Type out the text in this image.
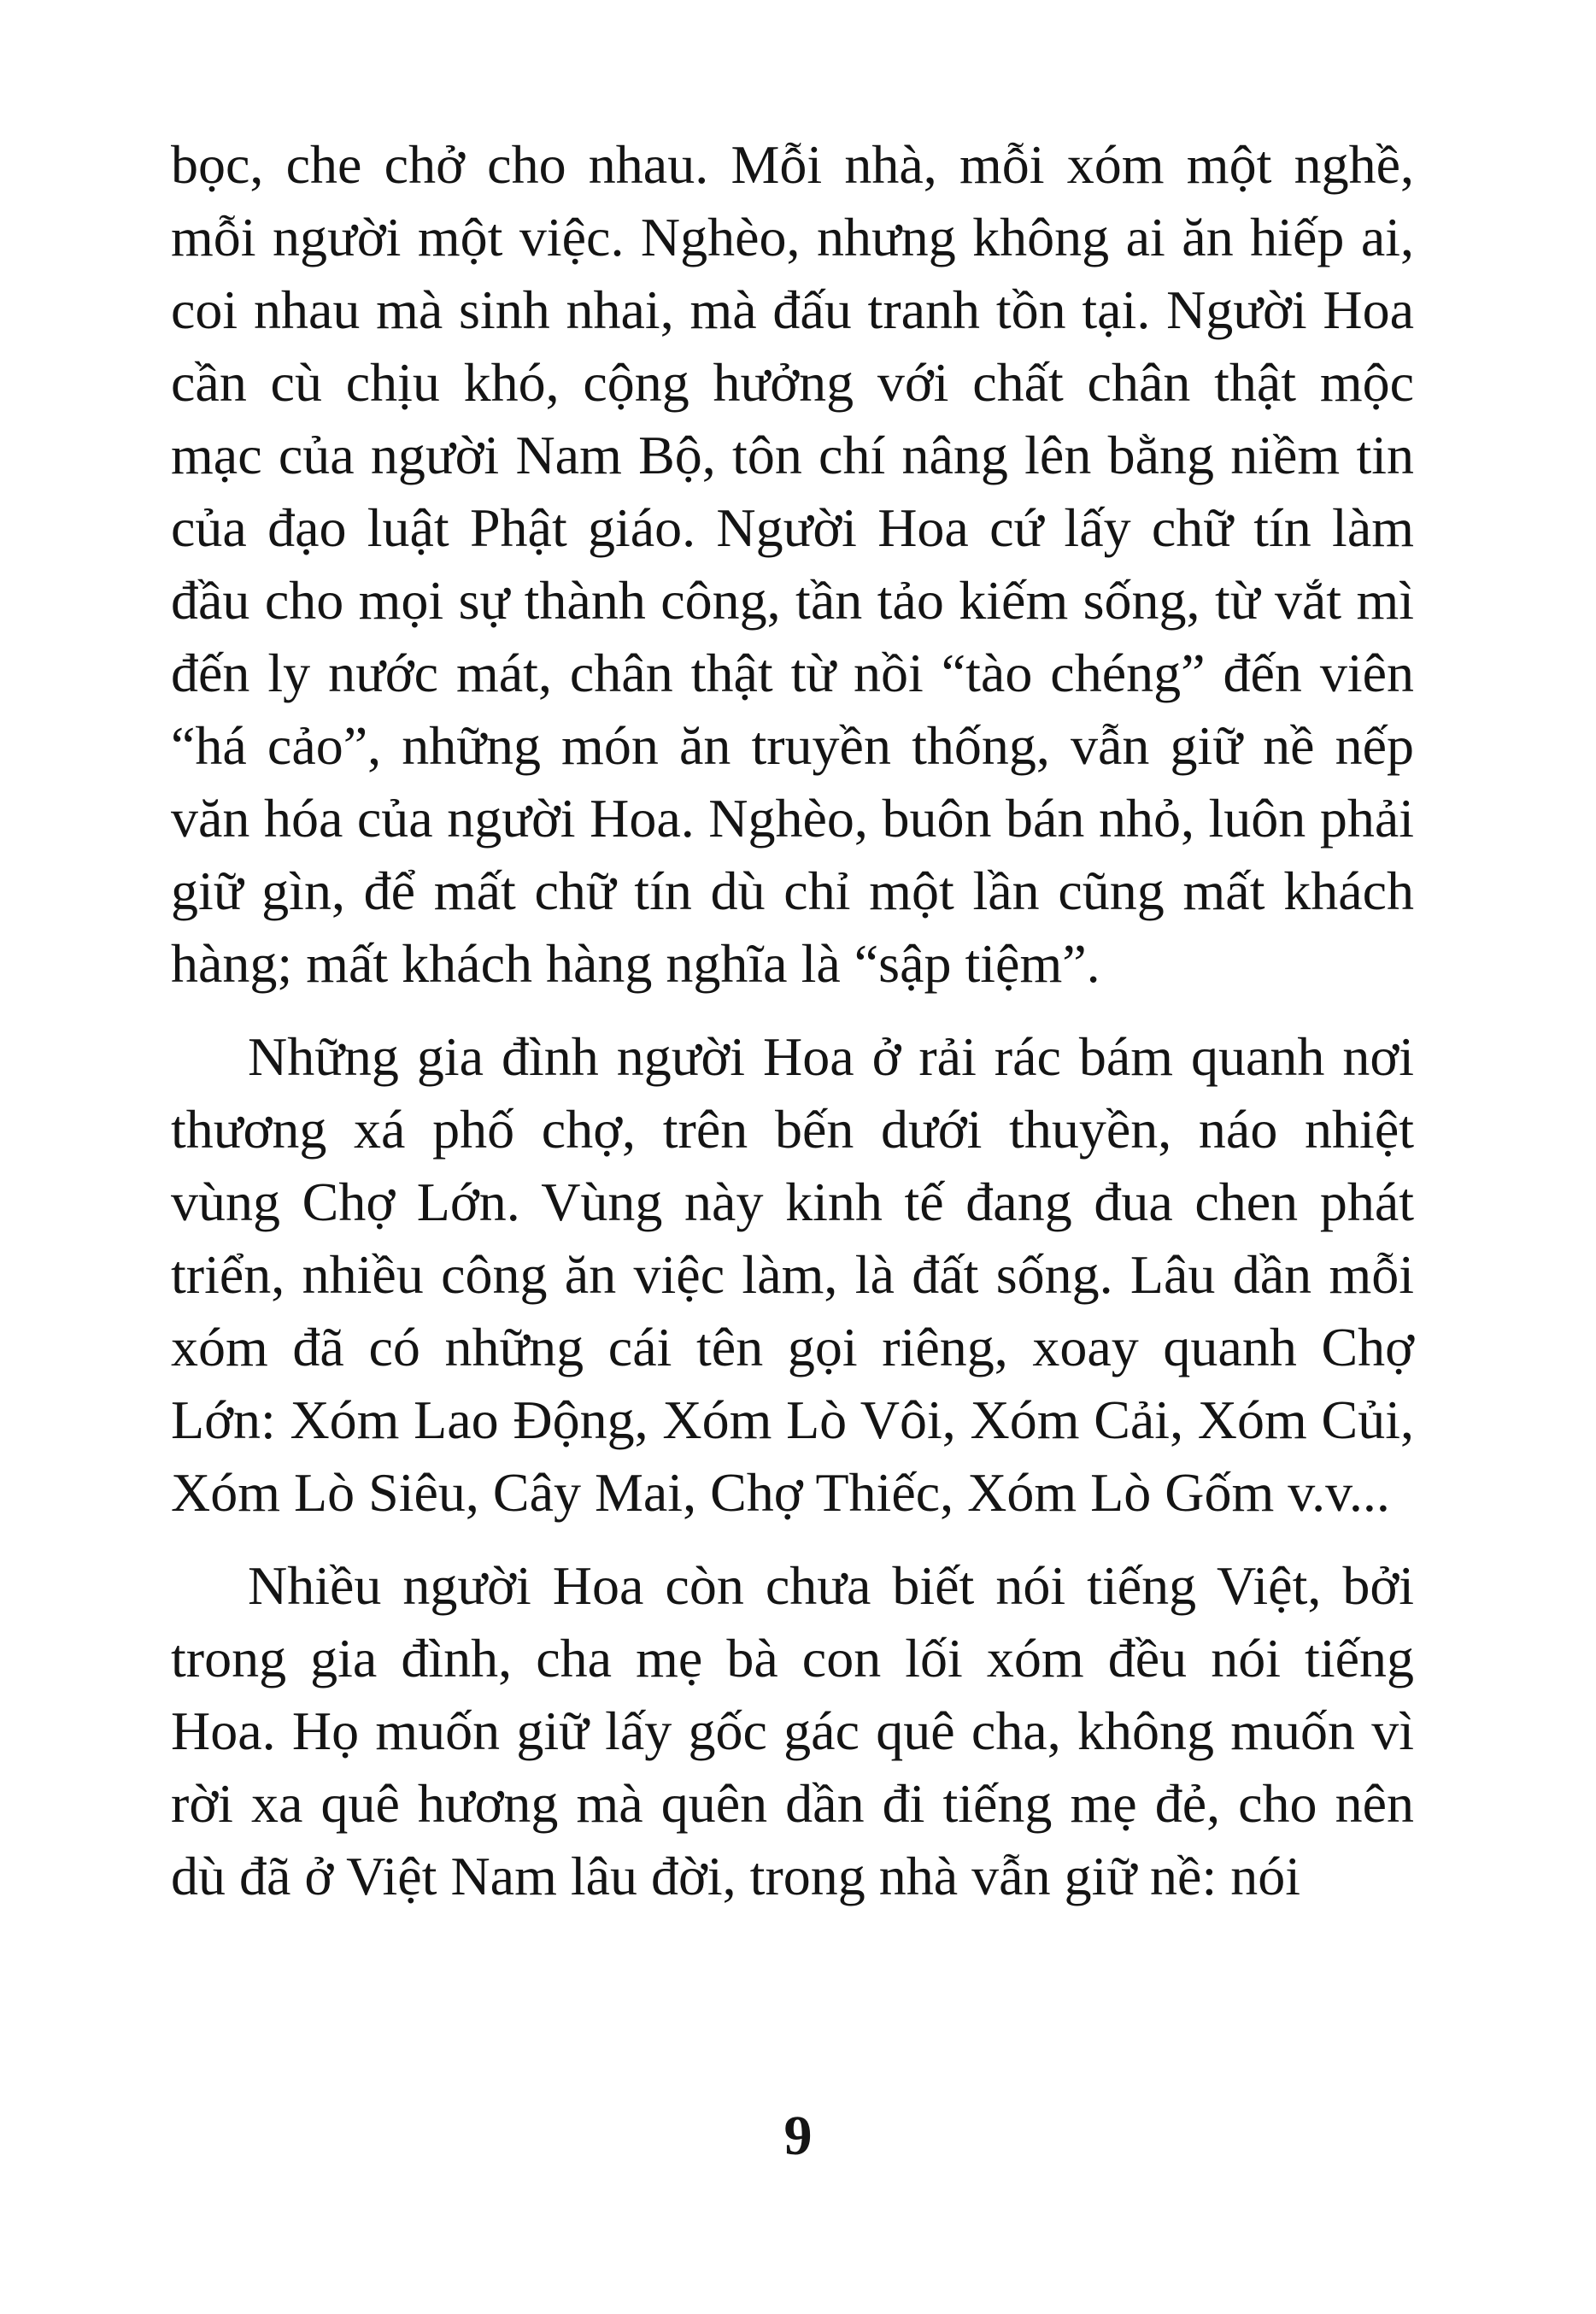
bọc, che chở cho nhau. Mỗi nhà, mỗi xóm một nghề, mỗi người một việc. Nghèo, nhưng không ai ăn hiếp ai, coi nhau mà sinh nhai, mà đấu tranh tồn tại. Người Hoa cần cù chịu khó, cộng hưởng với chất chân thật mộc mạc của người Nam Bộ, tôn chí nâng lên bằng niềm tin của đạo luật Phật giáo. Người Hoa cứ lấy chữ tín làm đầu cho mọi sự thành công, tần tảo kiếm sống, từ vắt mì đến ly nước mát, chân thật từ nồi “tào chéng” đến viên “há cảo”, những món ăn truyền thống, vẫn giữ nề nếp văn hóa của người Hoa. Nghèo, buôn bán nhỏ, luôn phải giữ gìn, để mất chữ tín dù chỉ một lần cũng mất khách hàng; mất khách hàng nghĩa là “sập tiệm”.

Những gia đình người Hoa ở rải rác bám quanh nơi thương xá phố chợ, trên bến dưới thuyền, náo nhiệt vùng Chợ Lớn. Vùng này kinh tế đang đua chen phát triển, nhiều công ăn việc làm, là đất sống. Lâu dần mỗi xóm đã có những cái tên gọi riêng, xoay quanh Chợ Lớn: Xóm Lao Động, Xóm Lò Vôi, Xóm Cải, Xóm Củi, Xóm Lò Siêu, Cây Mai, Chợ Thiếc, Xóm Lò Gốm v.v...

Nhiều người Hoa còn chưa biết nói tiếng Việt, bởi trong gia đình, cha mẹ bà con lối xóm đều nói tiếng Hoa. Họ muốn giữ lấy gốc gác quê cha, không muốn vì rời xa quê hương mà quên dần đi tiếng mẹ đẻ, cho nên dù đã ở Việt Nam lâu đời, trong nhà vẫn giữ nề: nói

9
